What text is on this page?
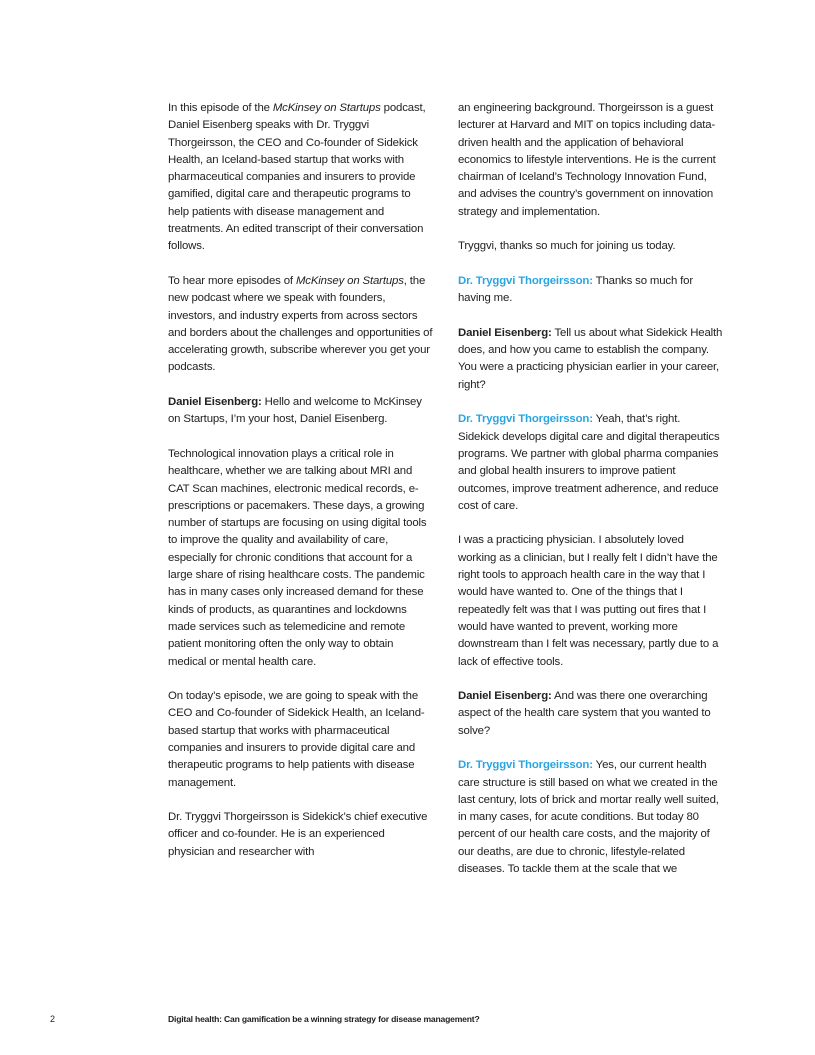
In this episode of the McKinsey on Startups podcast, Daniel Eisenberg speaks with Dr. Tryggvi Thorgeirsson, the CEO and Co-founder of Sidekick Health, an Iceland-based startup that works with pharmaceutical companies and insurers to provide gamified, digital care and therapeutic programs to help patients with disease management and treatments. An edited transcript of their conversation follows.

To hear more episodes of McKinsey on Startups, the new podcast where we speak with founders, investors, and industry experts from across sectors and borders about the challenges and opportunities of accelerating growth, subscribe wherever you get your podcasts.

Daniel Eisenberg: Hello and welcome to McKinsey on Startups, I’m your host, Daniel Eisenberg.

Technological innovation plays a critical role in healthcare, whether we are talking about MRI and CAT Scan machines, electronic medical records, e-prescriptions or pacemakers. These days, a growing number of startups are focusing on using digital tools to improve the quality and availability of care, especially for chronic conditions that account for a large share of rising healthcare costs. The pandemic has in many cases only increased demand for these kinds of products, as quarantines and lockdowns made services such as telemedicine and remote patient monitoring often the only way to obtain medical or mental health care.

On today’s episode, we are going to speak with the CEO and Co-founder of Sidekick Health, an Iceland-based startup that works with pharmaceutical companies and insurers to provide digital care and therapeutic programs to help patients with disease management.

Dr. Tryggvi Thorgeirsson is Sidekick’s chief executive officer and co-founder. He is an experienced physician and researcher with

an engineering background. Thorgeirsson is a guest lecturer at Harvard and MIT on topics including data-driven health and the application of behavioral economics to lifestyle interventions. He is the current chairman of Iceland’s Technology Innovation Fund, and advises the country’s government on innovation strategy and implementation.

Tryggvi, thanks so much for joining us today.

Dr. Tryggvi Thorgeirsson: Thanks so much for having me.

Daniel Eisenberg: Tell us about what Sidekick Health does, and how you came to establish the company. You were a practicing physician earlier in your career, right?

Dr. Tryggvi Thorgeirsson: Yeah, that’s right. Sidekick develops digital care and digital therapeutics programs. We partner with global pharma companies and global health insurers to improve patient outcomes, improve treatment adherence, and reduce cost of care.

I was a practicing physician. I absolutely loved working as a clinician, but I really felt I didn’t have the right tools to approach health care in the way that I would have wanted to. One of the things that I repeatedly felt was that I was putting out fires that I would have wanted to prevent, working more downstream than I felt was necessary, partly due to a lack of effective tools.

Daniel Eisenberg: And was there one overarching aspect of the health care system that you wanted to solve?

Dr. Tryggvi Thorgeirsson: Yes, our current health care structure is still based on what we created in the last century, lots of brick and mortar really well suited, in many cases, for acute conditions. But today 80 percent of our health care costs, and the majority of our deaths, are due to chronic, lifestyle-related diseases. To tackle them at the scale that we

2	Digital health: Can gamification be a winning strategy for disease management?
